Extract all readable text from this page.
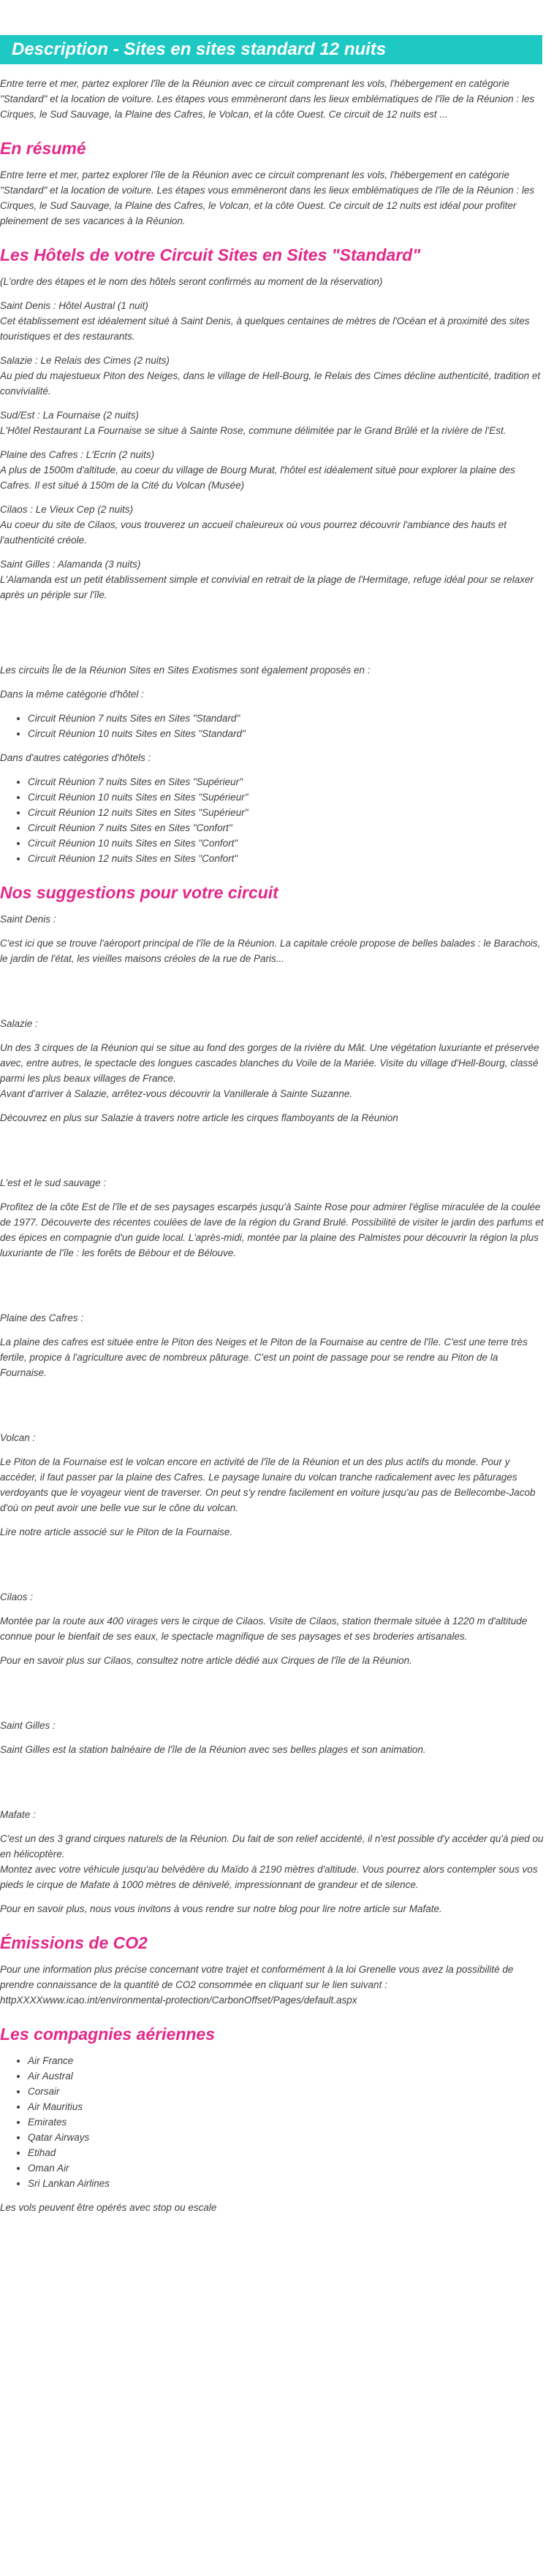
Description - Sites en sites standard 12 nuits

Entre terre et mer, partez explorer l'île de la Réunion avec ce circuit comprenant les vols, l'hébergement en catégorie "Standard" et la location de voiture. Les étapes vous emmèneront dans les lieux emblématiques de l'île de la Réunion : les Cirques, le Sud Sauvage, la Plaine des Cafres, le Volcan, et la côte Ouest. Ce circuit de 12 nuits est ...

En résumé

Entre terre et mer, partez explorer l'île de la Réunion avec ce circuit comprenant les vols, l'hébergement en catégorie "Standard" et la location de voiture. Les étapes vous emmèneront dans les lieux emblématiques de l'île de la Réunion : les Cirques, le Sud Sauvage, la Plaine des Cafres, le Volcan, et la côte Ouest. Ce circuit de 12 nuits est idéal pour profiter pleinement de ses vacances à la Réunion.

Les Hôtels de votre Circuit Sites en Sites "Standard"

(L'ordre des étapes et le nom des hôtels seront confirmés au moment de la réservation)

Saint Denis : Hôtel Austral (1 nuit)

Cet établissement est idéalement situé à Saint Denis, à quelques centaines de mètres de l'Océan et à proximité des sites touristiques et des restaurants.

Salazie : Le Relais des Cimes (2 nuits)

Au pied du majestueux Piton des Neiges, dans le village de Hell-Bourg, le Relais des Cimes décline authenticité, tradition et convivialité.

Sud/Est : La Fournaise (2 nuits)

L'Hôtel Restaurant La Fournaise se situe à Sainte Rose, commune délimitée par le Grand Brûlé et la rivière de l'Est.

Plaine des Cafres : L'Ecrin (2 nuits)

A plus de 1500m d'altitude, au coeur du village de Bourg Murat, l'hôtel est idéalement situé pour explorer la plaine des Cafres. Il est situé à 150m de la Cité du Volcan (Musée)

Cilaos : Le Vieux Cep (2 nuits)

Au coeur du site de Cilaos, vous trouverez un accueil chaleureux où vous pourrez découvrir l'ambiance des hauts et l'authenticité créole.

Saint Gilles : Alamanda (3 nuits)

L'Alamanda est un petit établissement simple et convivial en retrait de la plage de l'Hermitage, refuge idéal pour se relaxer après un périple sur l'île.

Les circuits Île de la Réunion Sites en Sites Exotismes sont également proposés en :

Dans la même catégorie d'hôtel :

• Circuit Réunion 7 nuits Sites en Sites "Standard"
• Circuit Réunion 10 nuits Sites en Sites "Standard"

Dans d'autres catégories d'hôtels :

• Circuit Réunion 7 nuits Sites en Sites "Supérieur"
• Circuit Réunion 10 nuits Sites en Sites "Supérieur"
• Circuit Réunion 12 nuits Sites en Sites "Supérieur"
• Circuit Réunion 7 nuits Sites en Sites "Confort"
• Circuit Réunion 10 nuits Sites en Sites "Confort"
• Circuit Réunion 12 nuits Sites en Sites "Confort"
Nos suggestions pour votre circuit

Saint Denis :

C'est ici que se trouve l'aéroport principal de l'île de la Réunion. La capitale créole propose de belles balades : le Barachois, le jardin de l'état, les vieilles maisons créoles de la rue de Paris...

Salazie :

Un des 3 cirques de la Réunion qui se situe au fond des gorges de la rivière du Mât. Une végétation luxuriante et préservée avec, entre autres, le spectacle des longues cascades blanches du Voile de la Mariée. Visite du village d'Hell-Bourg, classé parmi les plus beaux villages de France.

Avant d'arriver à Salazie, arrêtez-vous découvrir la Vanillerale à Sainte Suzanne.

Découvrez en plus sur Salazie à travers notre article les cirques flamboyants de la Réunion

L'est et le sud sauvage :

Profitez de la côte Est de l'île et de ses paysages escarpés jusqu'à Sainte Rose pour admirer l'église miraculée de la coulée de 1977. Découverte des récentes coulées de lave de la région du Grand Brulé. Possibilité de visiter le jardin des parfums et des épices en compagnie d'un guide local. L'après-midi, montée par la plaine des Palmistes pour découvrir la région la plus luxuriante de l'île : les forêts de Bébour et de Bélouve.

Plaine des Cafres :

La plaine des cafres est située entre le Piton des Neiges et le Piton de la Fournaise au centre de l'île. C'est une terre très fertile, propice à l'agriculture avec de nombreux pâturage. C'est un point de passage pour se rendre au Piton de la Fournaise.

Volcan :

Le Piton de la Fournaise est le volcan encore en activité de l'île de la Réunion et un des plus actifs du monde. Pour y accéder, il faut passer par la plaine des Cafres. Le paysage lunaire du volcan tranche radicalement avec les pâturages verdoyants que le voyageur vient de traverser. On peut s'y rendre facilement en voiture jusqu'au pas de Bellecombe-Jacob d'où on peut avoir une belle vue sur le cône du volcan.

Lire notre article associé sur le Piton de la Fournaise.

Cilaos :

Montée par la route aux 400 virages vers le cirque de Cilaos. Visite de Cilaos, station thermale située à 1220 m d'altitude connue pour le bienfait de ses eaux, le spectacle magnifique de ses paysages et ses broderies artisanales.

Pour en savoir plus sur Cilaos, consultez notre article dédié aux Cirques de l'île de la Réunion.

Saint Gilles :

Saint Gilles est la station balnéaire de l'île de la Réunion avec ses belles plages et son animation.

Mafate :

C'est un des 3 grand cirques naturels de la Réunion. Du fait de son relief accidenté, il n'est possible d'y accéder qu'à pied ou en hélicoptère.

Montez avec votre véhicule jusqu'au belvédère du Maïdo à 2190 mètres d'altitude. Vous pourrez alors contempler sous vos pieds le cirque de Mafate à 1000 mètres de dénivelé, impressionnant de grandeur et de silence.

Pour en savoir plus, nous vous invitons à vous rendre sur notre blog pour lire notre article sur Mafate.

Émissions de CO2

Pour une information plus précise concernant votre trajet et conformément à la loi Grenelle vous avez la possibilité de prendre connaissance de la quantité de CO2 consommée en cliquant sur le lien suivant :

httpXXXXwww.icao.int/environmental-protection/CarbonOffset/Pages/default.aspx

Les compagnies aériennes
• Air France
• Air Austral
• Corsair
• Air Mauritius
• Emirates
• Qatar Airways
• Etihad
• Oman Air
• Sri Lankan Airlines

Les vols peuvent être opérés avec stop ou escale
